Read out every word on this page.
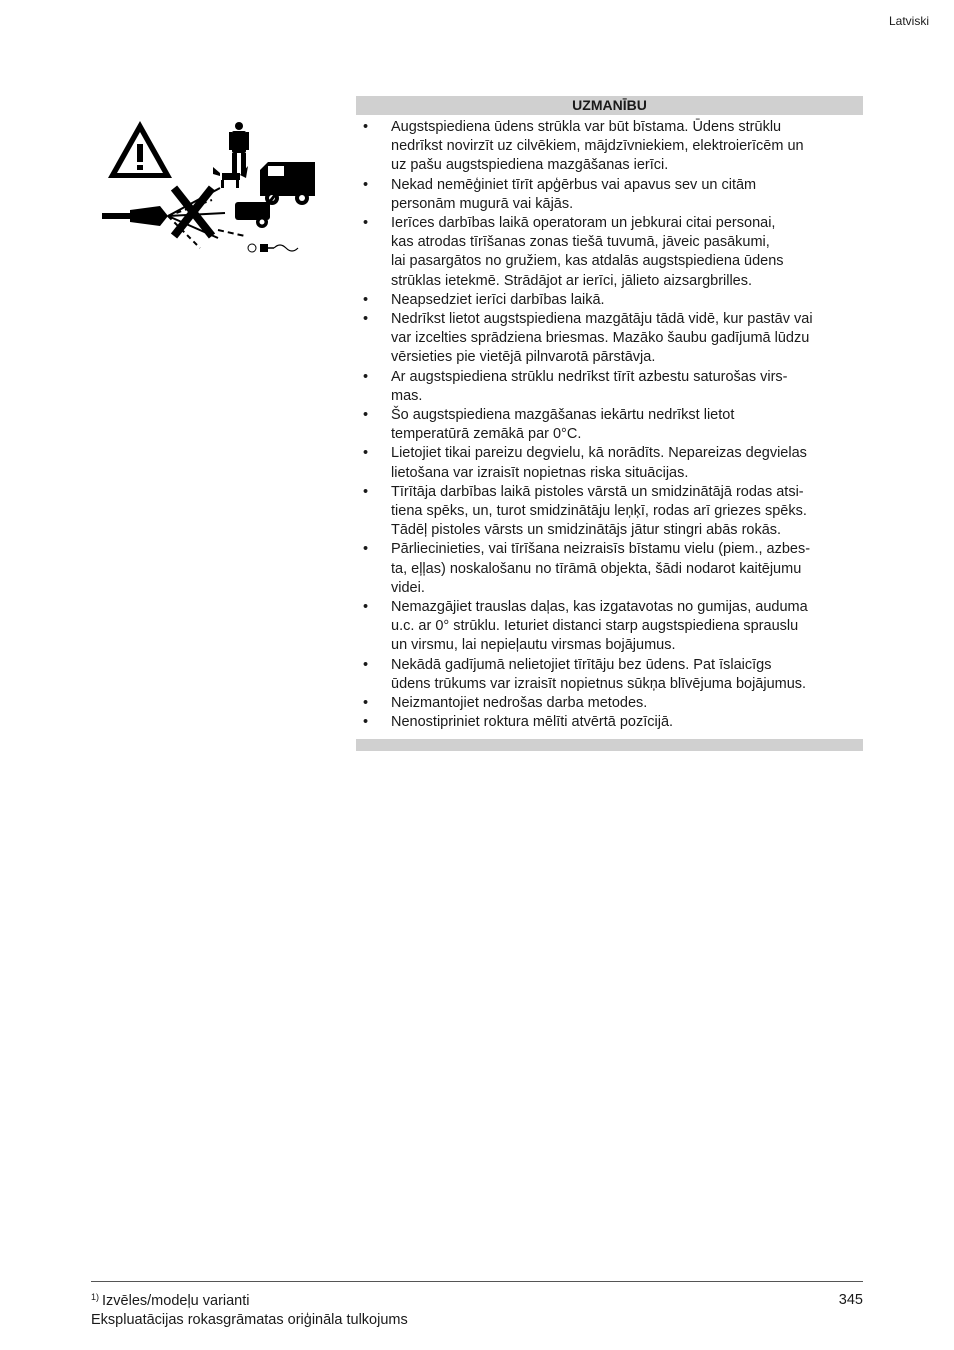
Latviski
UZMANĪBU
• Augstspiediena ūdens strūkla var būt bīstama. Ūdens strūklu
nedrīkst novirzīt uz cilvēkiem, mājdzīvniekiem, elektroierīcēm un
uz pašu augstspiediena mazgāšanas ierīci.
• Nekad nemēģiniet tīrīt apģērbus vai apavus sev un citām
personām mugurā vai kājās.
• Ierīces darbības laikā operatoram un jebkurai citai personai,
kas atrodas tīrīšanas zonas tiešā tuvumā, jāveic pasākumi,
lai pasargātos no gružiem, kas atdalās augstspiediena ūdens
strūklas ietekmē. Strādājot ar ierīci, jālieto aizsargbrilles.
• Neapsedziet ierīci darbības laikā.
• Nedrīkst lietot augstspiediena mazgātāju tādā vidē, kur pastāv vai
var izcelties sprādziena briesmas. Mazāko šaubu gadījumā lūdzu
vērsieties pie vietējā pilnvarotā pārstāvja.
• Ar augstspiediena strūklu nedrīkst tīrīt azbestu saturošas virs-
mas.
• Šo augstspiediena mazgāšanas iekārtu nedrīkst lietot
temperatūrā zemākā par 0°C.
• Lietojiet tikai pareizu degvielu, kā norādīts. Nepareizas degvielas
lietošana var izraisīt nopietnas riska situācijas.
• Tīrītāja darbības laikā pistoles vārstā un smidzinātājā rodas atsi-
tiena spēks, un, turot smidzinātāju leņķī, rodas arī griezes spēks.
Tādēļ pistoles vārsts un smidzinātājs jātur stingri abās rokās.
• Pārliecinieties, vai tīrīšana neizraisīs bīstamu vielu (piem., azbes-
ta, eļļas) noskalošanu no tīrāmā objekta, šādi nodarot kaitējumu
videi.
• Nemazgājiet trauslas daļas, kas izgatavotas no gumijas, auduma
u.c. ar 0° strūklu. Ieturiet distanci starp augstspiediena sprauslu
un virsmu, lai nepieļautu virsmas bojājumus.
• Nekādā gadījumā nelietojiet tīrītāju bez ūdens. Pat īslaicīgs
ūdens trūkums var izraisīt nopietnus sūkņa blīvējuma bojājumus.
• Neizmantojiet nedrošas darba metodes.
• Nenostipriniet roktura mēlīti atvērtā pozīcijā.
$^{1)}$ Izvēles/modeļu varianti	345
Ekspluatācijas rokasgrāmatas oriģināla tulkojums
